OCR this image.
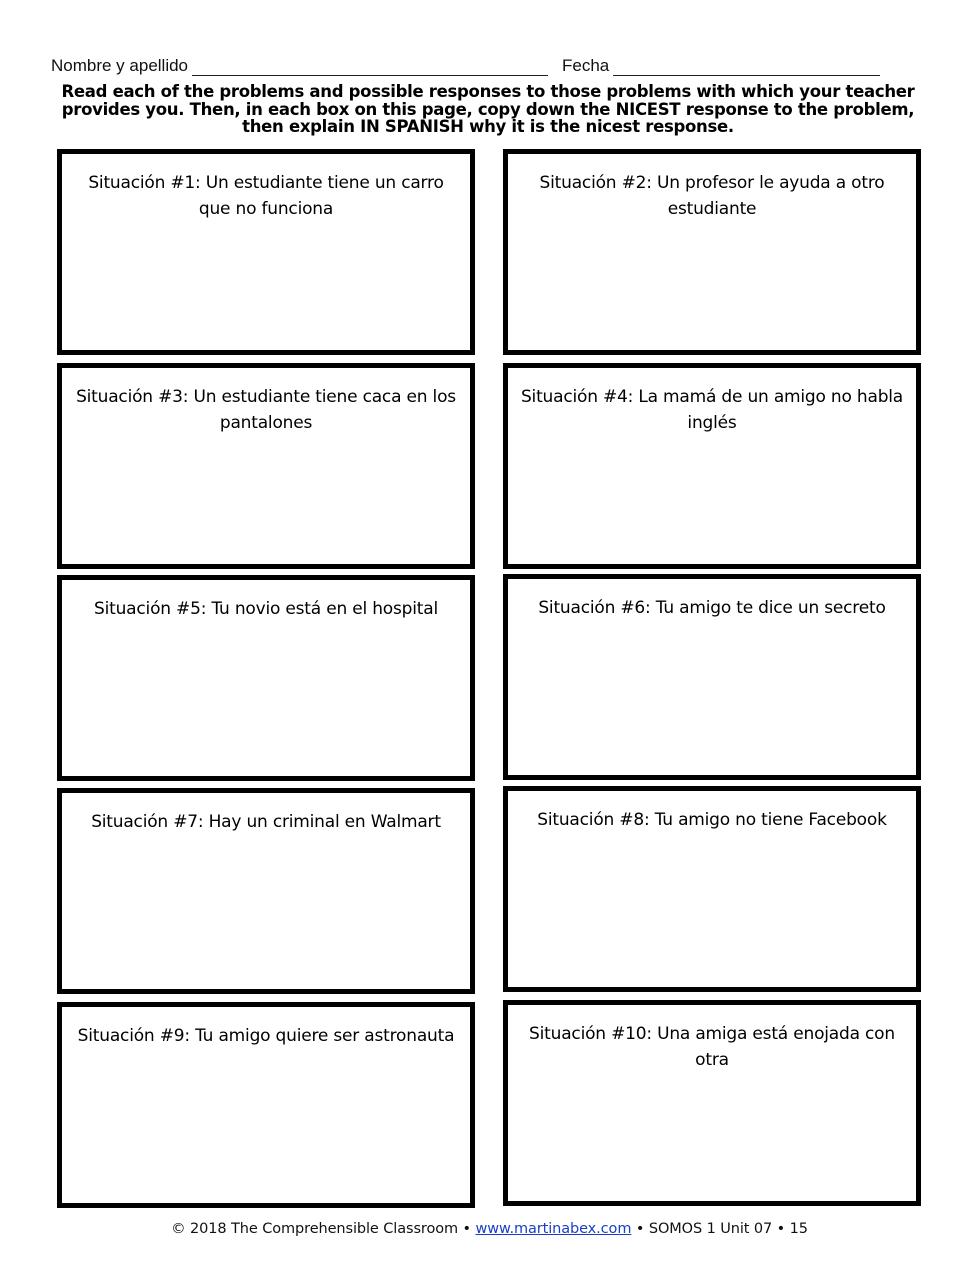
Nombre y apellido	Fecha
Read each of the problems and possible responses to those problems with which your teacher provides you. Then, in each box on this page, copy down the NICEST response to the problem, then explain IN SPANISH why it is the nicest response.
Situación #1: Un estudiante tiene un carro que no funciona
Situación #2: Un profesor le ayuda a otro estudiante
Situación #3: Un estudiante tiene caca en los pantalones
Situación #4: La mamá de un amigo no habla inglés
Situación #5: Tu novio está en el hospital	Situación #6: Tu amigo te dice un secreto
Situación #7: Hay un criminal en Walmart	Situación #8: Tu amigo no tiene Facebook
Situación #9: Tu amigo quiere ser astronauta	Situación #10: Una amiga está enojada con otra
© 2018 The Comprehensible Classroom • www.martinabex.com • SOMOS 1 Unit 07 • 15
